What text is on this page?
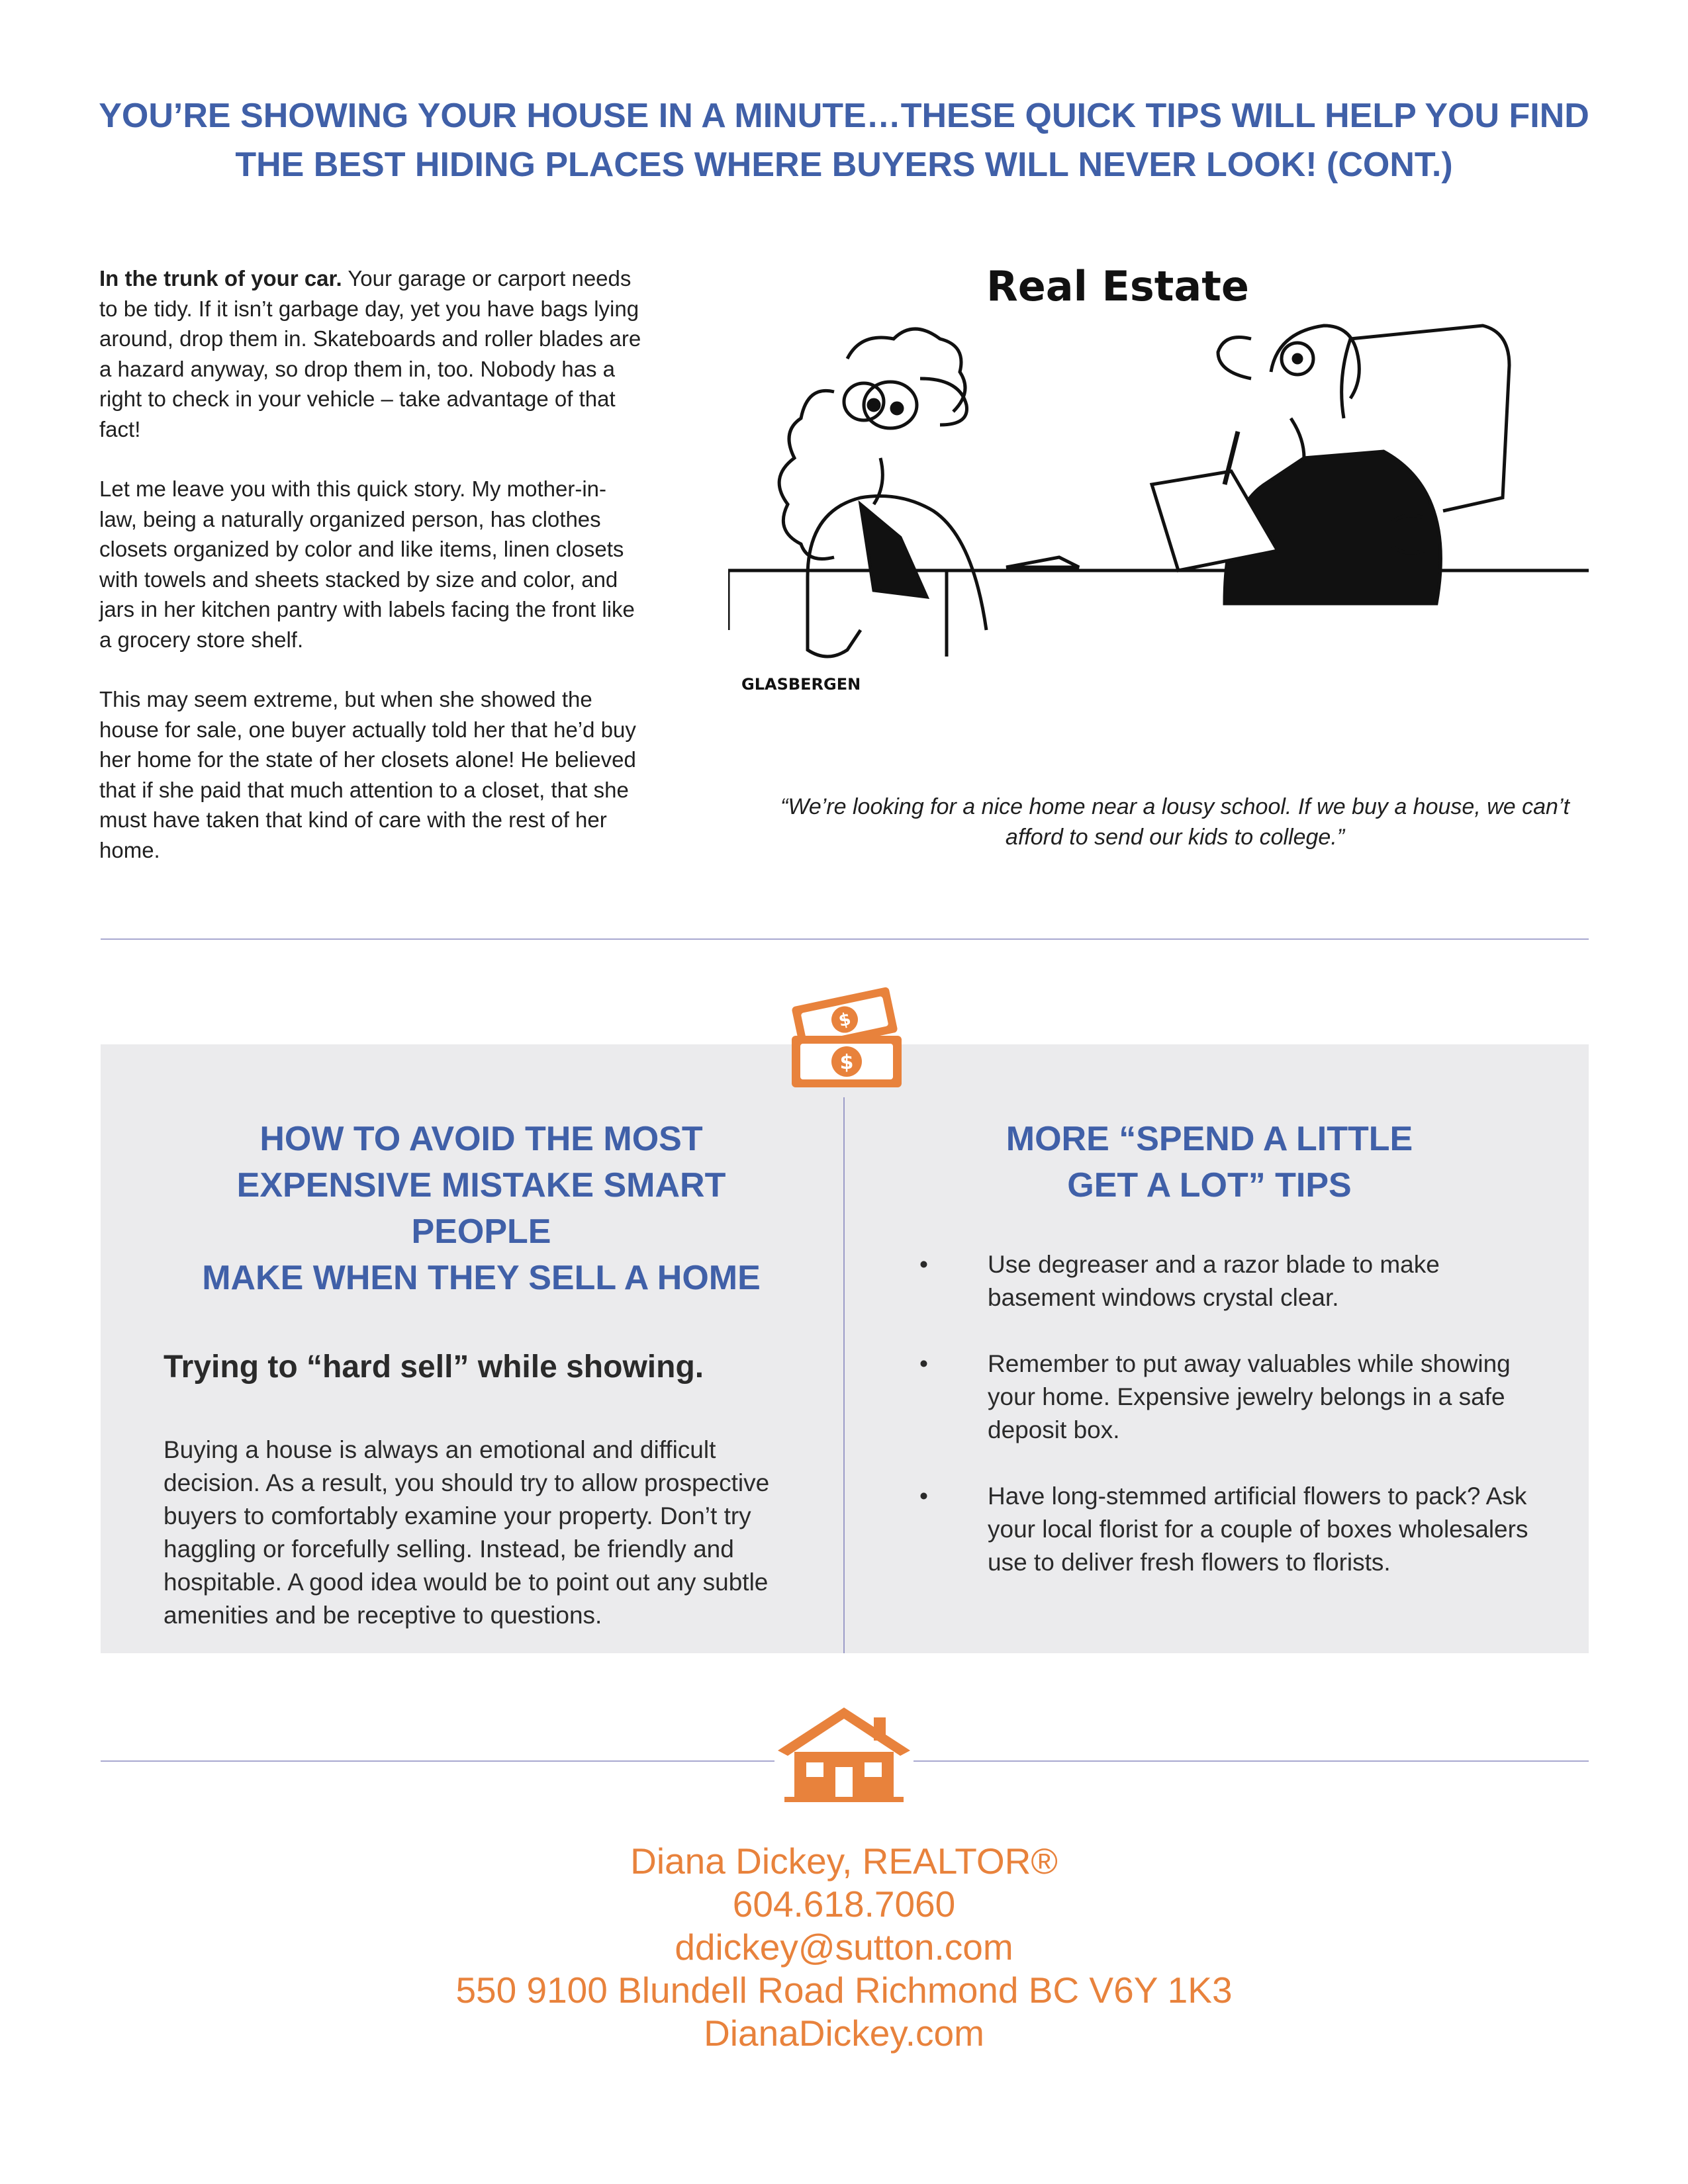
YOU’RE SHOWING YOUR HOUSE IN A MINUTE…THESE QUICK TIPS WILL HELP YOU FIND
THE BEST HIDING PLACES WHERE BUYERS WILL NEVER LOOK! (CONT.)

In the trunk of your car. Your garage or carport needs to be tidy. If it isn’t garbage day, yet you have bags lying around, drop them in. Skateboards and roller blades are a hazard anyway, so drop them in, too. Nobody has a right to check in your vehicle – take advantage of that fact!

Let me leave you with this quick story. My mother-in-law, being a naturally organized person, has clothes closets organized by color and like items, linen closets with towels and sheets stacked by size and color, and jars in her kitchen pantry with labels facing the front like a grocery store shelf.

This may seem extreme, but when she showed the house for sale, one buyer actually told her that he’d buy her home for the state of her closets alone! He believed that if she paid that much attention to a closet, that she must have taken that kind of care with the rest of her home.

Real Estate
GLASBERGEN

“We’re looking for a nice home near a lousy school. If we buy a house, we can’t afford to send our kids to college.”

HOW TO AVOID THE MOST
EXPENSIVE MISTAKE SMART PEOPLE
MAKE WHEN THEY SELL A HOME

Trying to “hard sell” while showing.

Buying a house is always an emotional and difficult decision. As a result, you should try to allow prospective buyers to comfortably examine your property. Don’t try haggling or forcefully selling. Instead, be friendly and hospitable. A good idea would be to point out any subtle amenities and be receptive to questions.

MORE “SPEND A LITTLE
GET A LOT” TIPS
• Use degreaser and a razor blade to make basement windows crystal clear.
• Remember to put away valuables while showing your home. Expensive jewelry belongs in a safe deposit box.
• Have long-stemmed artificial flowers to pack? Ask your local florist for a couple of boxes wholesalers use to deliver fresh flowers to florists.
$
$
Diana Dickey, REALTOR®
604.618.7060
ddickey@sutton.com
550 9100 Blundell Road Richmond BC V6Y 1K3
DianaDickey.com
